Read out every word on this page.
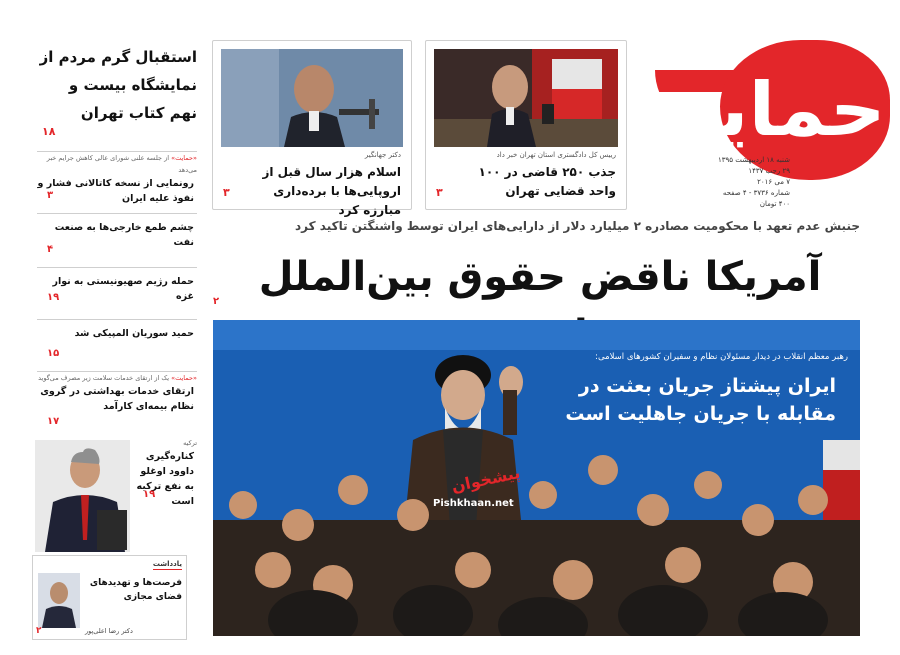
حمایت
شنبه ۱۸ اردیبهشت ۱۳۹۵
۲۹ رجب ۱۴۳۷
۷ می ۲۰۱۶
شماره ۳۷۳۶ - ۴ صفحه
۴۰۰ تومان
رییس کل دادگستری استان تهران خبر داد
جذب ۲۵۰ قاضی در ۱۰۰ واحد قضایی تهران
۳
دکتر جهانگیر
اسلام هزار سال قبل از اروپایی‌ها با برده‌داری مبارزه کرد
۳
استقبال گرم مردم از نمایشگاه بیست و نهم کتاب تهران
۱۸
«حمایت» از جلسه علنی شورای عالی کاهش جرایم خبر می‌دهد
رونمایی از نسخه کاتالانی فشار و نفوذ علیه ایران
۳
چشم طمع خارجی‌ها به صنعت نفت
۴
حمله رژیم صهیونیستی به نوار غزه
۱۹
حمید سوریان المپیکی شد
۱۵
«حمایت» یک از ارتقای خدمات سلامت زیر مصرف می‌گوید
ارتقای خدمات بهداشتی در گروی نظام بیمه‌ای کارآمد
۱۷
ترکیه
کناره‌گیری داوود اوغلو به نفع ترکیه است
۱۹
یادداشت
فرصت‌ها و تهدیدهای فضای مجازی
دکتر رضا اعلی‌پور
۲
جنبش عدم تعهد با محکومیت مصادره ۲ میلیارد دلار از دارایی‌های ایران توسط واشنگتن تاکید کرد
آمریکا ناقض حقوق بین‌الملل
۲
رهبر معظم انقلاب در دیدار مسئولان نظام و سفیران کشورهای اسلامی:
ایران پیشتاز جریان بعثت در مقابله با جریان جاهلیت است
پیشخوان
Pishkhaan.net
